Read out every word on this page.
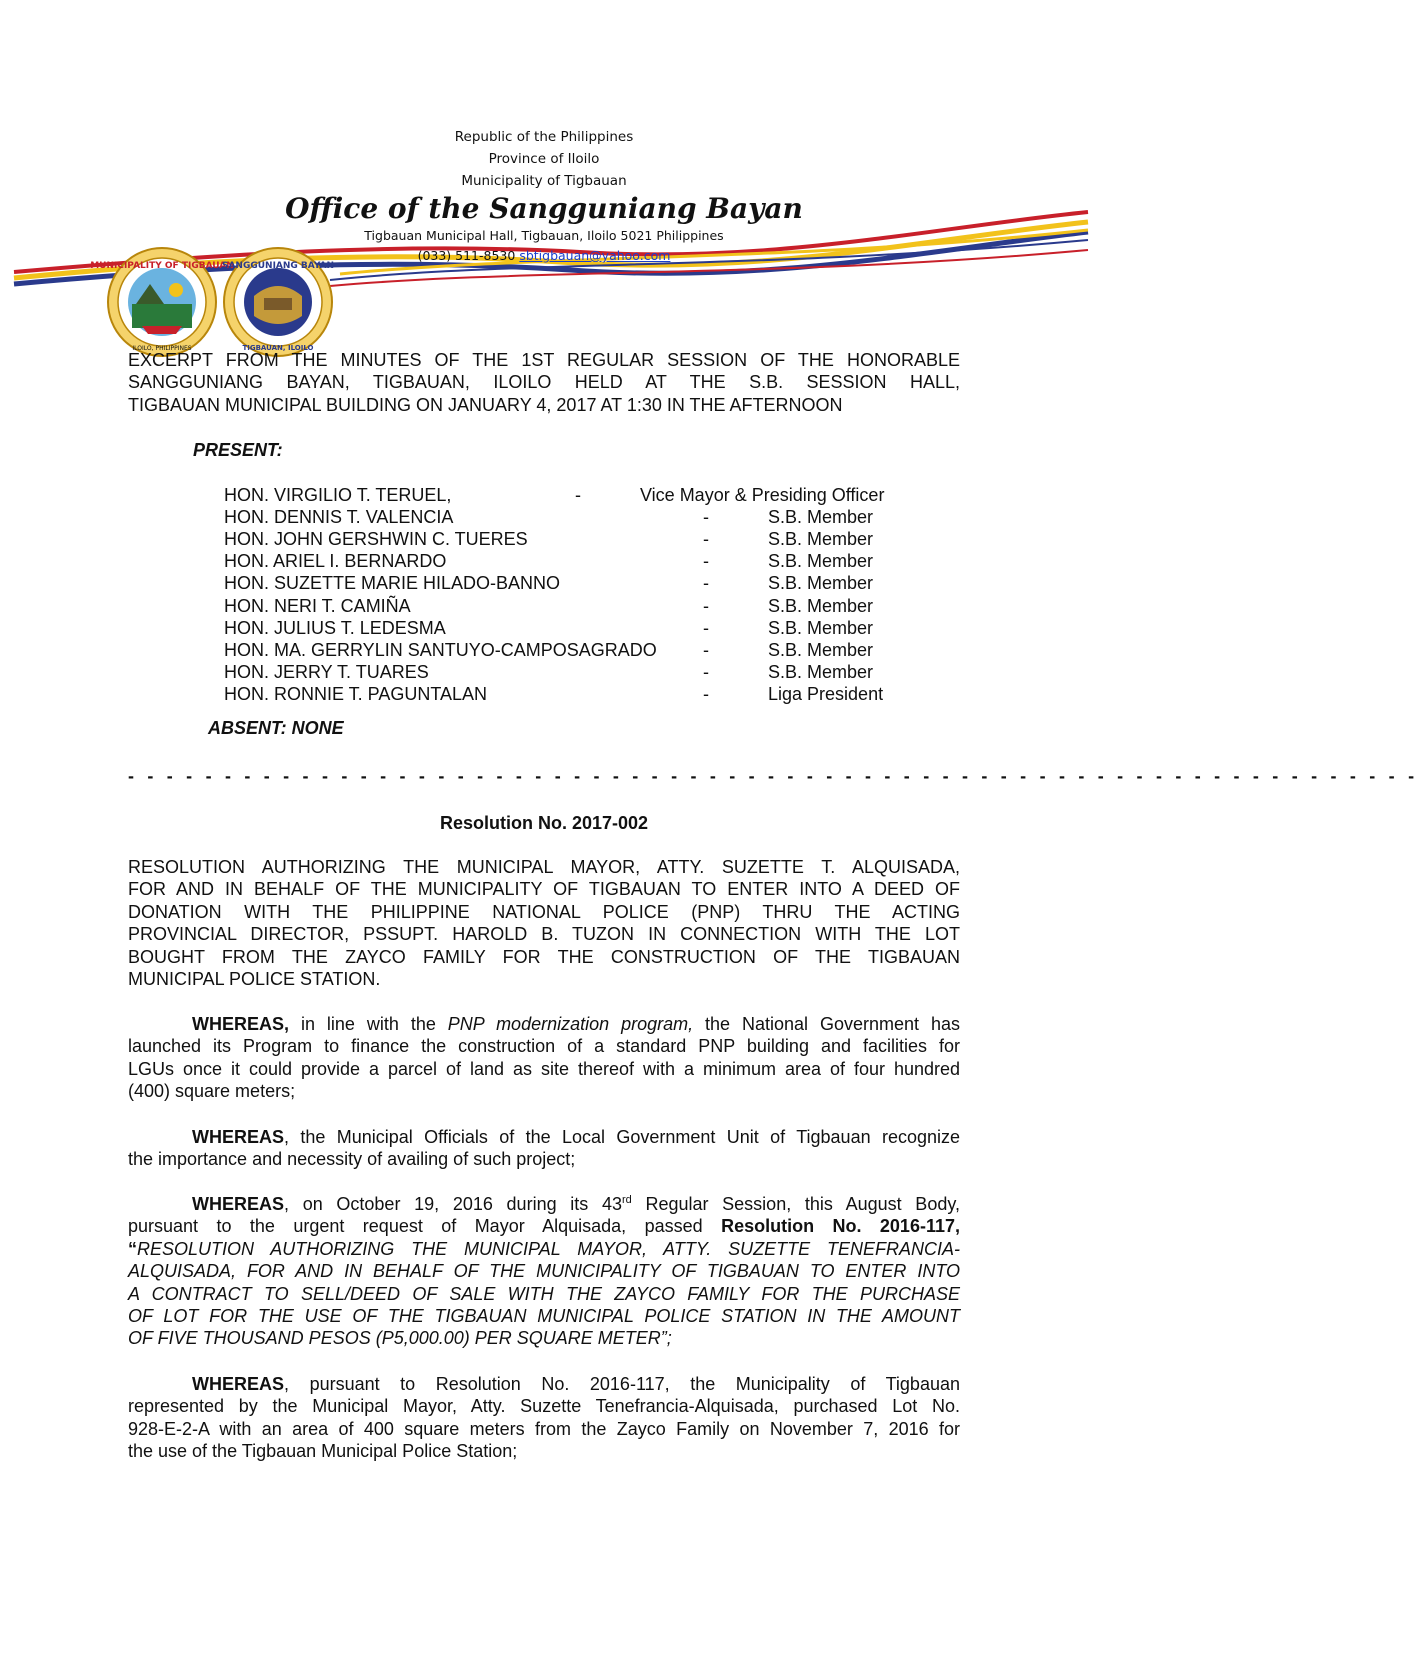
MUNICIPALITY OF TIGBAUAN
ILOILO, PHILIPPINES
SANGGUNIANG BAYAN
TIGBAUAN, ILOILO
Republic of the Philippines
Province of Iloilo
Municipality of Tigbauan
Office of the Sangguniang Bayan
Tigbauan Municipal Hall, Tigbauan, Iloilo 5021 Philippines
(033) 511-8530 sbtigbauan@yahoo.com
EXCERPT FROM THE MINUTES OF THE 1ST REGULAR SESSION OF THE HONORABLE
SANGGUNIANG BAYAN, TIGBAUAN, ILOILO HELD AT THE S.B. SESSION HALL,
TIGBAUAN MUNICIPAL BUILDING ON JANUARY 4, 2017 AT 1:30 IN THE AFTERNOON
PRESENT:
HON. VIRGILIO T. TERUEL,	-	Vice Mayor & Presiding Officer
HON. DENNIS T. VALENCIA	-	S.B. Member
HON. JOHN GERSHWIN C. TUERES	-	S.B. Member
HON. ARIEL I. BERNARDO	-	S.B. Member
HON. SUZETTE MARIE HILADO-BANNO	-	S.B. Member
HON. NERI T. CAMIÑA	-	S.B. Member
HON. JULIUS T. LEDESMA	-	S.B. Member
HON. MA. GERRYLIN SANTUYO-CAMPOSAGRADO	-	S.B. Member
HON. JERRY T. TUARES	-	S.B. Member
HON. RONNIE T. PAGUNTALAN	-	Liga President
ABSENT: NONE
- - - - - - - - - - - - - - - - - - - - - - - - - - - - - - - - - - - - - - - - - - - - - - - - - - - - - - - - - - - - - - - - - - -
Resolution No. 2017-002
RESOLUTION AUTHORIZING THE MUNICIPAL MAYOR, ATTY. SUZETTE T. ALQUISADA,
FOR AND IN BEHALF OF THE MUNICIPALITY OF TIGBAUAN TO ENTER INTO A DEED OF
DONATION WITH THE PHILIPPINE NATIONAL POLICE (PNP) THRU THE ACTING
PROVINCIAL DIRECTOR, PSSUPT. HAROLD B. TUZON IN CONNECTION WITH THE LOT
BOUGHT FROM THE ZAYCO FAMILY FOR THE CONSTRUCTION OF THE TIGBAUAN
MUNICIPAL POLICE STATION.
WHEREAS, in line with the PNP modernization program, the National Government has
launched its Program to finance the construction of a standard PNP building and facilities for
LGUs once it could provide a parcel of land as site thereof with a minimum area of four hundred
(400) square meters;
WHEREAS, the Municipal Officials of the Local Government Unit of Tigbauan recognize
the importance and necessity of availing of such project;
WHEREAS, on October 19, 2016 during its 43rd Regular Session, this August Body,
pursuant to the urgent request of Mayor Alquisada, passed Resolution No. 2016-117,
“RESOLUTION AUTHORIZING THE MUNICIPAL MAYOR, ATTY. SUZETTE TENEFRANCIA-
ALQUISADA, FOR AND IN BEHALF OF THE MUNICIPALITY OF TIGBAUAN TO ENTER INTO
A CONTRACT TO SELL/DEED OF SALE WITH THE ZAYCO FAMILY FOR THE PURCHASE
OF LOT FOR THE USE OF THE TIGBAUAN MUNICIPAL POLICE STATION IN THE AMOUNT
OF FIVE THOUSAND PESOS (P5,000.00) PER SQUARE METER”;
WHEREAS, pursuant to Resolution No. 2016-117, the Municipality of Tigbauan
represented by the Municipal Mayor, Atty. Suzette Tenefrancia-Alquisada, purchased Lot No.
928-E-2-A with an area of 400 square meters from the Zayco Family on November 7, 2016 for
the use of the Tigbauan Municipal Police Station;
